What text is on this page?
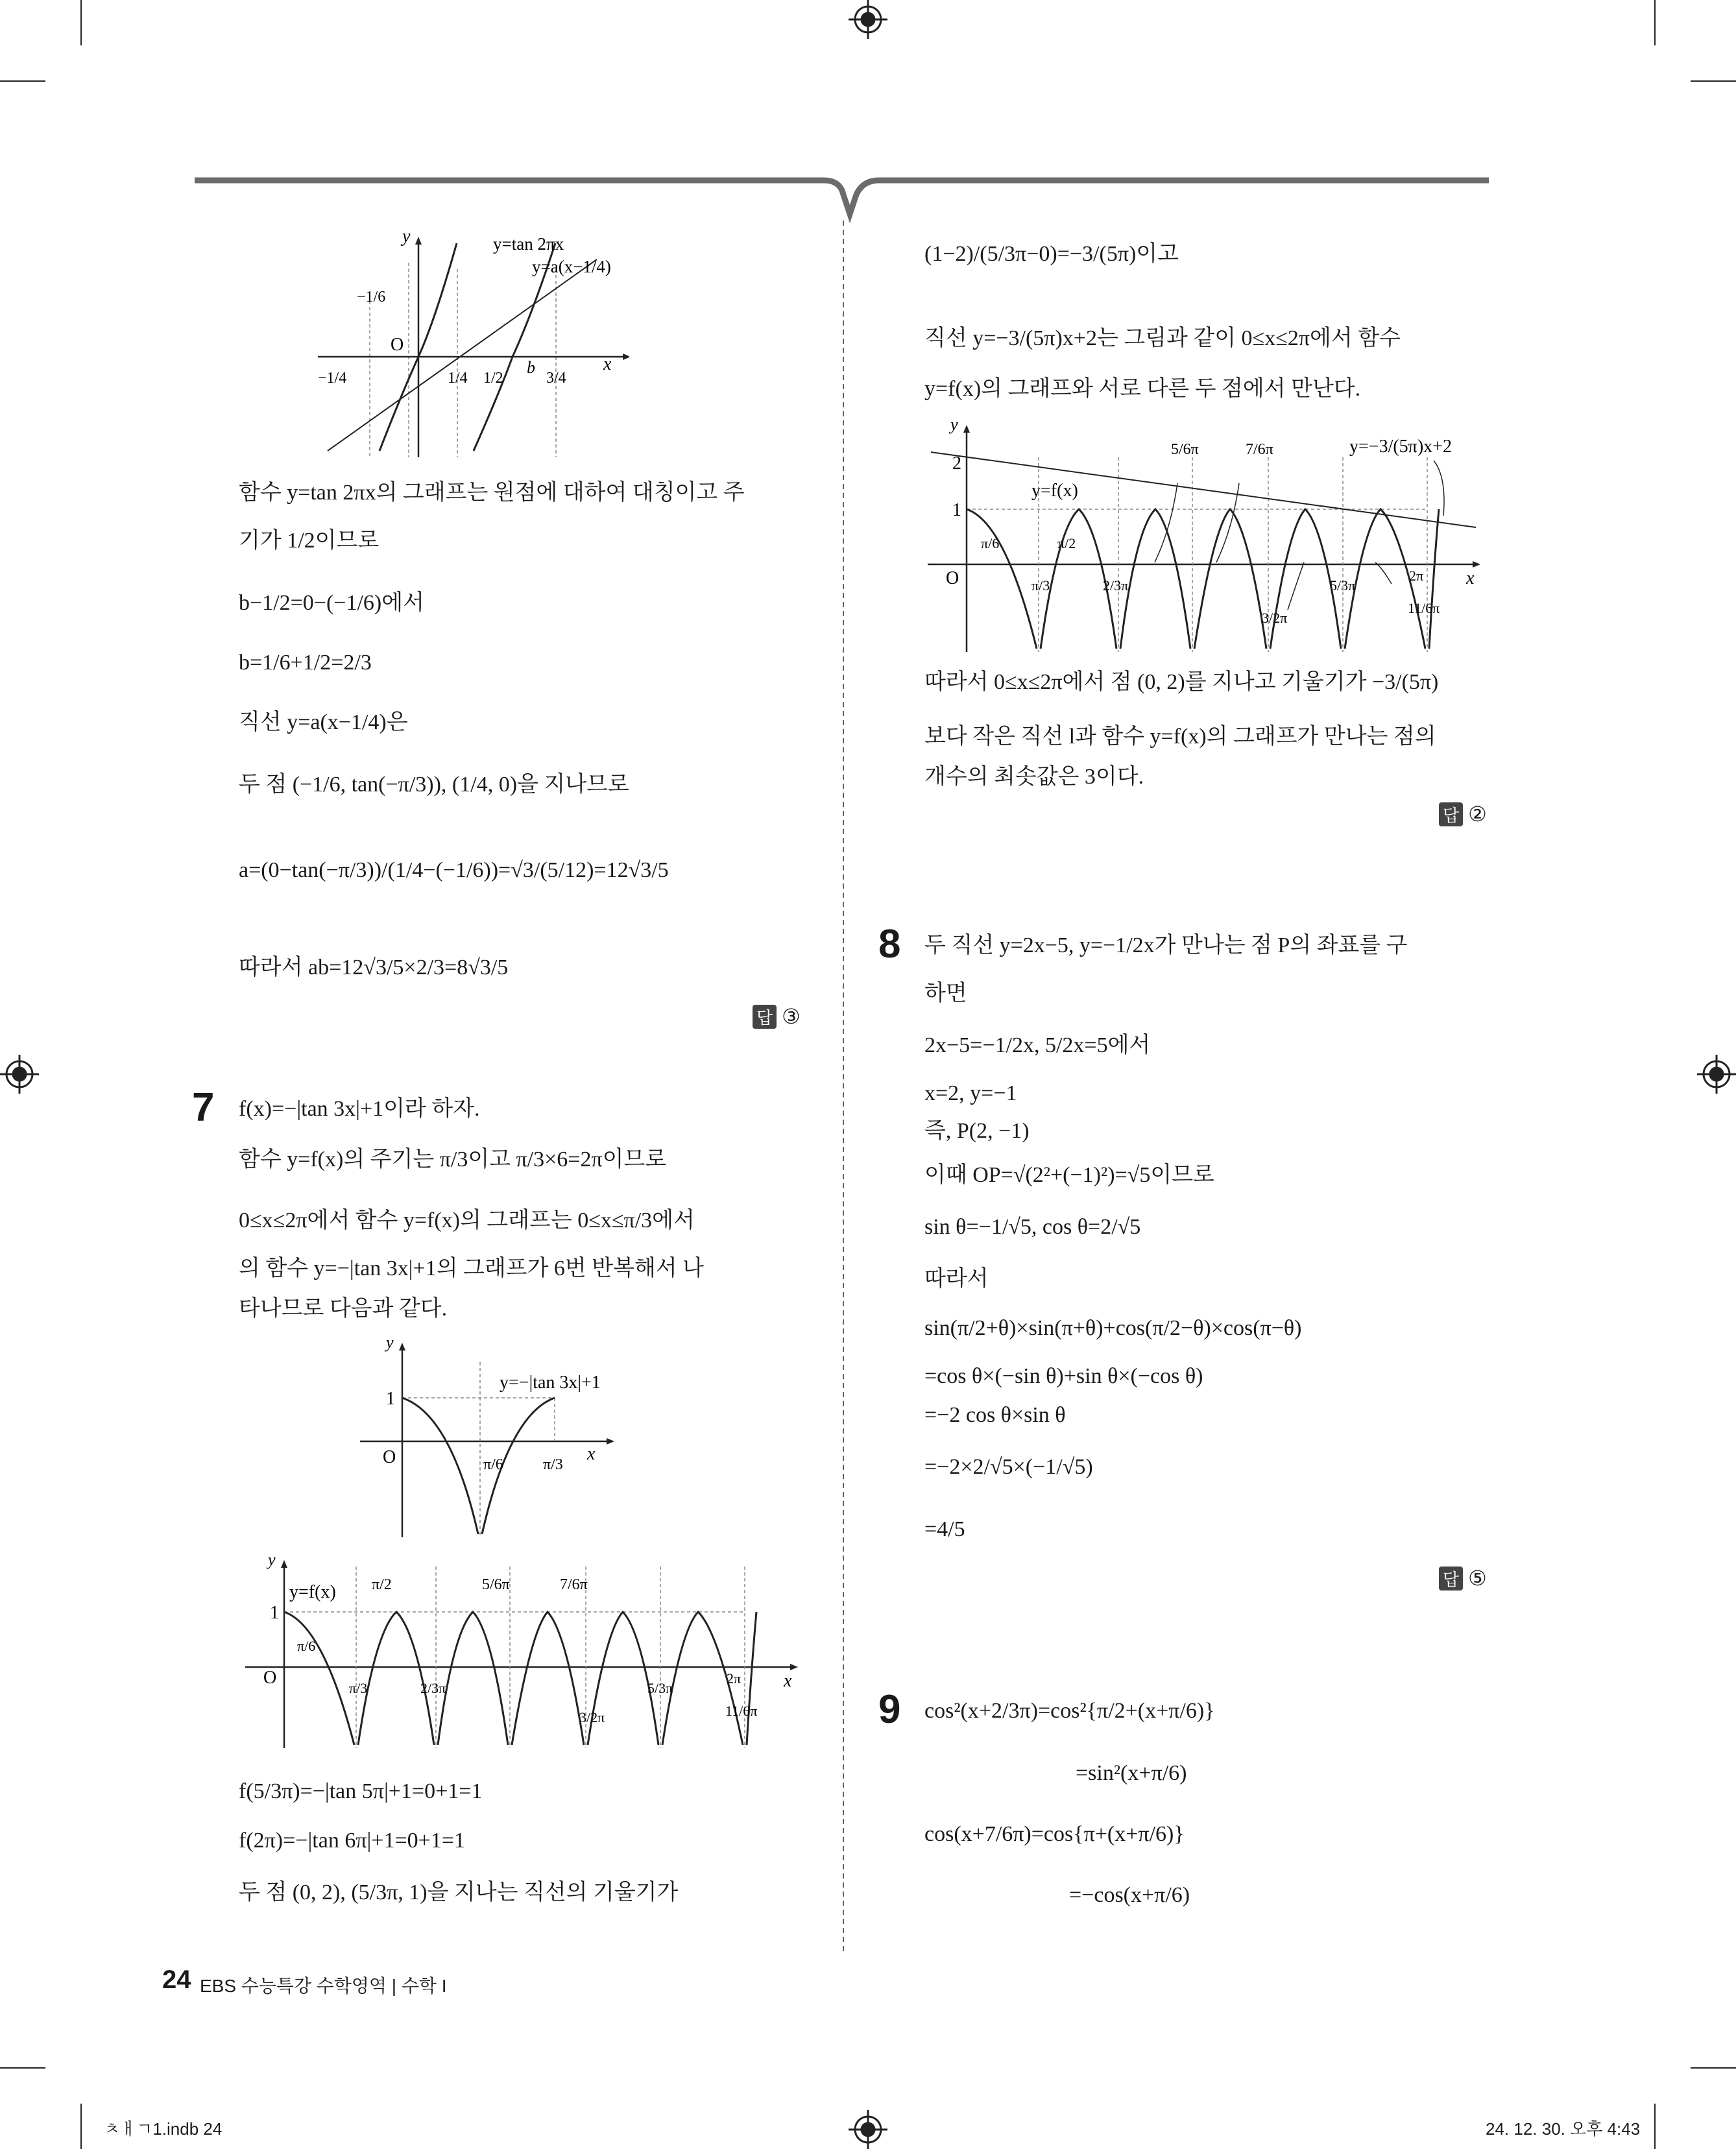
y
x
O
y=tan 2πx
y=a(x−1/4)
−1/6
−1/4	1/4 1/2
b
3/4
함수 y=tan 2πx의 그래프는 원점에 대하여 대칭이고 주
기가 1/2이므로
b−1/2=0−(−1/6)에서
b=1/6+1/2=2/3
직선 y=a(x−1/4)은
두 점 (−1/6, tan(−π/3)), (1/4, 0)을 지나므로
a=(0−tan(−π/3))/(1/4−(−1/6))=√3/(5/12)=12√3/5
따라서 ab=12√3/5×2/3=8√3/5
답 ③
7 f(x)=−|tan 3x|+1이라 하자.
함수 y=f(x)의 주기는 π/3이고 π/3×6=2π이므로
0≤x≤2π에서 함수 y=f(x)의 그래프는 0≤x≤π/3에서
의 함수 y=−|tan 3x|+1의 그래프가 6번 반복해서 나
타나므로 다음과 같다.
y
x
1
O
y=−|tan 3x|+1
π/6	π/3
y
x
1
O
y=f(x) π/2	5/6π	7/6π
π/6
π/3	2/3π
3/2π
5/3π
2π
11/6π
f(5/3π)=−|tan 5π|+1=0+1=1
f(2π)=−|tan 6π|+1=0+1=1
두 점 (0, 2), (5/3π, 1)을 지나는 직선의 기울기가
(1−2)/(5/3π−0)=−3/(5π)이고
직선 y=−3/(5π)x+2는 그림과 같이 0≤x≤2π에서 함수
y=f(x)의 그래프와 서로 다른 두 점에서 만난다.
y
x
2
1
O
y=f(x)
y=−3/(5π)x+2
5/6π	7/6π
π/6	π/2
π/3	2/3π
3/2π
5/3π
2π
11/6π
따라서 0≤x≤2π에서 점 (0, 2)를 지나고 기울기가 −3/(5π)
보다 작은 직선 l과 함수 y=f(x)의 그래프가 만나는 점의
개수의 최솟값은 3이다.
답 ②
8 두 직선 y=2x−5, y=−1/2x가 만나는 점 P의 좌표를 구
하면
2x−5=−1/2x, 5/2x=5에서
x=2, y=−1
즉, P(2, −1)
이때 OP=√(2²+(−1)²)=√5이므로
sin θ=−1/√5, cos θ=2/√5
따라서
sin(π/2+θ)×sin(π+θ)+cos(π/2−θ)×cos(π−θ)
=cos θ×(−sin θ)+sin θ×(−cos θ)
=−2 cos θ×sin θ
=−2×2/√5×(−1/√5)
=4/5
답 ⑤
9 cos²(x+2/3π)=cos²{π/2+(x+π/6)}
=sin²(x+π/6)
cos(x+7/6π)=cos{π+(x+π/6)}
=−cos(x+π/6)
24 EBS 수능특강 수학영역 | 수학 I
ㅊㅐㄱ1.indb 24	24. 12. 30. 오후 4:43
